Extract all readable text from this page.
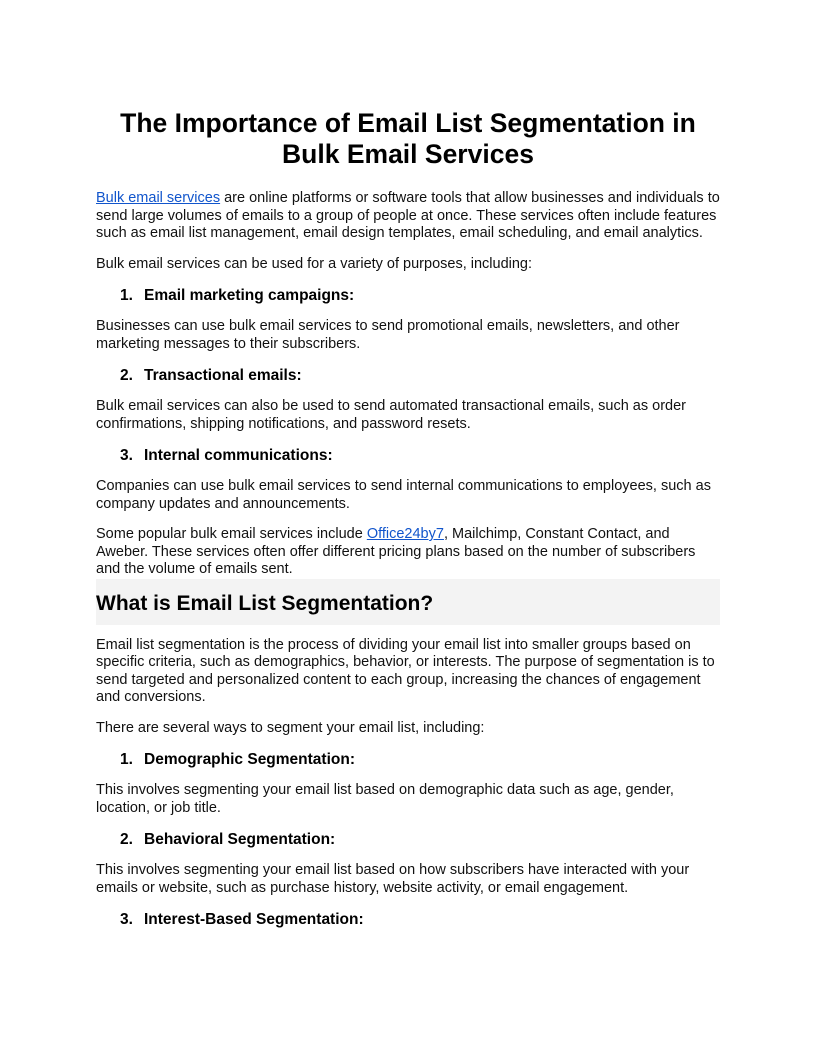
The Importance of Email List Segmentation in Bulk Email Services

Bulk email services are online platforms or software tools that allow businesses and individuals to send large volumes of emails to a group of people at once. These services often include features such as email list management, email design templates, email scheduling, and email analytics.

Bulk email services can be used for a variety of purposes, including:

1. Email marketing campaigns:

Businesses can use bulk email services to send promotional emails, newsletters, and other marketing messages to their subscribers.

2. Transactional emails:

Bulk email services can also be used to send automated transactional emails, such as order confirmations, shipping notifications, and password resets.

3. Internal communications:

Companies can use bulk email services to send internal communications to employees, such as company updates and announcements.

Some popular bulk email services include Office24by7, Mailchimp, Constant Contact, and Aweber. These services often offer different pricing plans based on the number of subscribers and the volume of emails sent.

What is Email List Segmentation?

Email list segmentation is the process of dividing your email list into smaller groups based on specific criteria, such as demographics, behavior, or interests. The purpose of segmentation is to send targeted and personalized content to each group, increasing the chances of engagement and conversions.

There are several ways to segment your email list, including:

1. Demographic Segmentation:

This involves segmenting your email list based on demographic data such as age, gender, location, or job title.

2. Behavioral Segmentation:

This involves segmenting your email list based on how subscribers have interacted with your emails or website, such as purchase history, website activity, or email engagement.

3. Interest-Based Segmentation:
